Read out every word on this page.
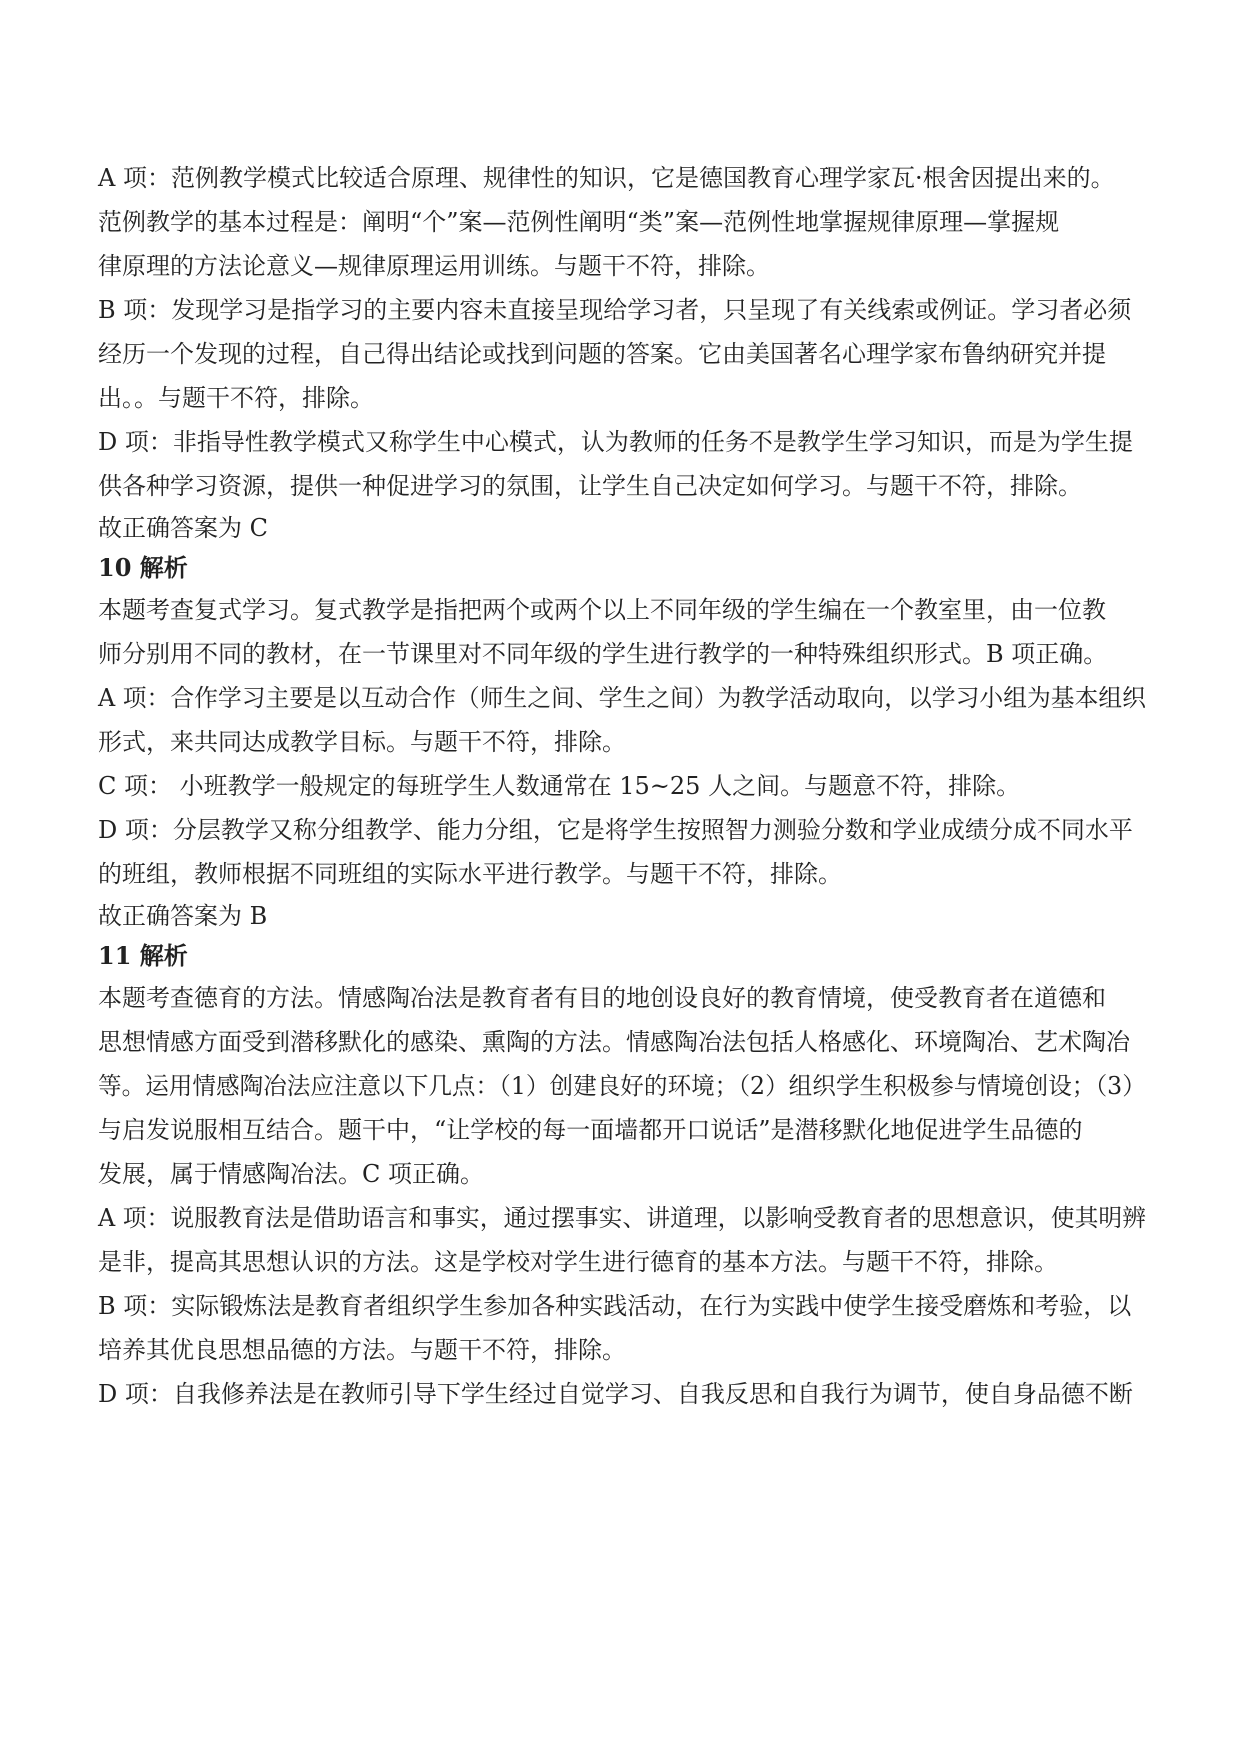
A 项：范例教学模式比较适合原理、规律性的知识，它是德国教育心理学家瓦·根舍因提出来的。
范例教学的基本过程是：阐明“个”案—范例性阐明“类”案—范例性地掌握规律原理—掌握规
律原理的方法论意义—规律原理运用训练。与题干不符，排除。
B 项：发现学习是指学习的主要内容未直接呈现给学习者，只呈现了有关线索或例证。学习者必须
经历一个发现的过程，自己得出结论或找到问题的答案。它由美国著名心理学家布鲁纳研究并提
出。。与题干不符，排除。
D 项：非指导性教学模式又称学生中心模式，认为教师的任务不是教学生学习知识，而是为学生提
供各种学习资源，提供一种促进学习的氛围，让学生自己决定如何学习。与题干不符，排除。
故正确答案为 C
10 解析
本题考查复式学习。复式教学是指把两个或两个以上不同年级的学生编在一个教室里，由一位教
师分别用不同的教材，在一节课里对不同年级的学生进行教学的一种特殊组织形式。B 项正确。
A 项：合作学习主要是以互动合作（师生之间、学生之间）为教学活动取向，以学习小组为基本组织
形式，来共同达成教学目标。与题干不符，排除。
C 项： 小班教学一般规定的每班学生人数通常在 15~25 人之间。与题意不符，排除。
D 项：分层教学又称分组教学、能力分组，它是将学生按照智力测验分数和学业成绩分成不同水平
的班组，教师根据不同班组的实际水平进行教学。与题干不符，排除。
故正确答案为 B
11 解析
本题考查德育的方法。情感陶冶法是教育者有目的地创设良好的教育情境，使受教育者在道德和
思想情感方面受到潜移默化的感染、熏陶的方法。情感陶冶法包括人格感化、环境陶冶、艺术陶冶
等。运用情感陶冶法应注意以下几点：（1）创建良好的环境；（2）组织学生积极参与情境创设；（3）
与启发说服相互结合。题干中，“让学校的每一面墙都开口说话”是潜移默化地促进学生品德的
发展，属于情感陶冶法。C 项正确。
A 项：说服教育法是借助语言和事实，通过摆事实、讲道理，以影响受教育者的思想意识，使其明辨
是非，提高其思想认识的方法。这是学校对学生进行德育的基本方法。与题干不符，排除。
B 项：实际锻炼法是教育者组织学生参加各种实践活动，在行为实践中使学生接受磨炼和考验，以
培养其优良思想品德的方法。与题干不符，排除。
D 项：自我修养法是在教师引导下学生经过自觉学习、自我反思和自我行为调节，使自身品德不断
